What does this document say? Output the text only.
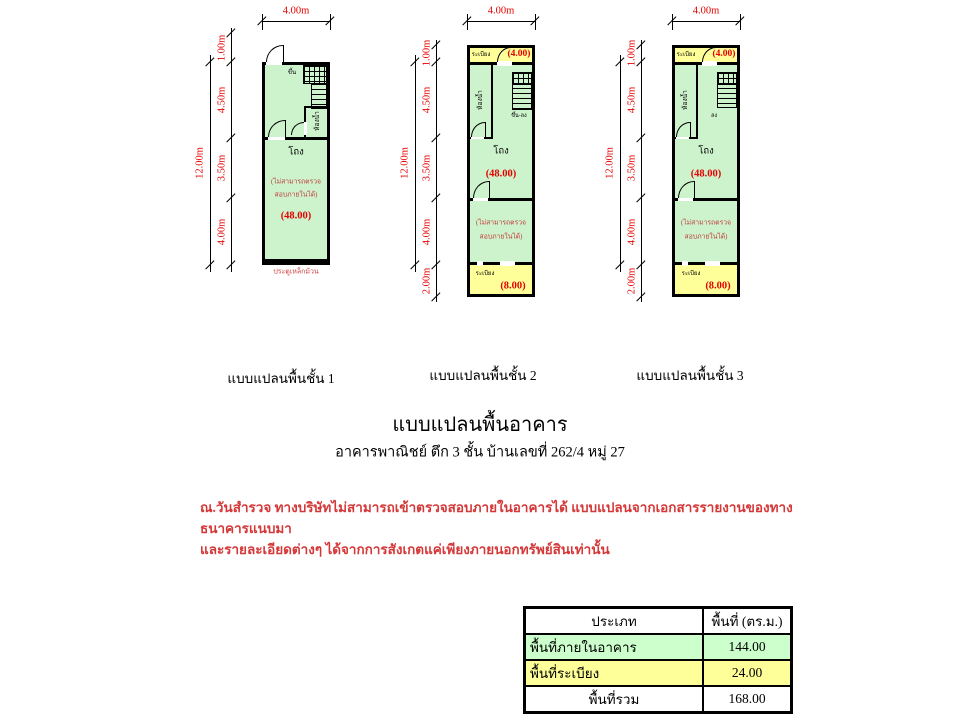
4.00m
12.00m
1.00m
4.50m
3.50m
4.00m
ขึ้น
ห้องน้ำ
โถง
(ไม่สามารถตรวจ
สอบภายในได้)
(48.00)
ประตูเหล็กม้วน
แบบแปลนพื้นชั้น 1
4.00m
12.00m
1.00m
4.50m
3.50m
4.00m
2.00m
ระเบียง (4.00)
ห้องน้ำ
ขึ้น-ลง
โถง
(48.00)
(ไม่สามารถตรวจ
สอบภายในได้)
ระเบียง
(8.00)
แบบแปลนพื้นชั้น 2
4.00m
12.00m
1.00m
4.50m
3.50m
4.00m
2.00m
ระเบียง (4.00)
ห้องน้ำ
ลง
โถง
(48.00)
(ไม่สามารถตรวจ
สอบภายในได้)
ระเบียง
(8.00)
แบบแปลนพื้นชั้น 3
แบบแปลนพื้นอาคาร
อาคารพาณิชย์ ตึก 3 ชั้น บ้านเลขที่ 262/4 หมู่ 27
ณ.วันสำรวจ ทางบริษัทไม่สามารถเข้าตรวจสอบภายในอาคารได้ แบบแปลนจากเอกสารรายงานของทางธนาคารแนบมา
และรายละเอียดต่างๆ ได้จากการสังเกตแค่เพียงภายนอกทรัพย์สินเท่านั้น
ประเภท	พื้นที่ (ตร.ม.)
พื้นที่ภายในอาคาร	144.00
พื้นที่ระเบียง	24.00
พื้นที่รวม	168.00
